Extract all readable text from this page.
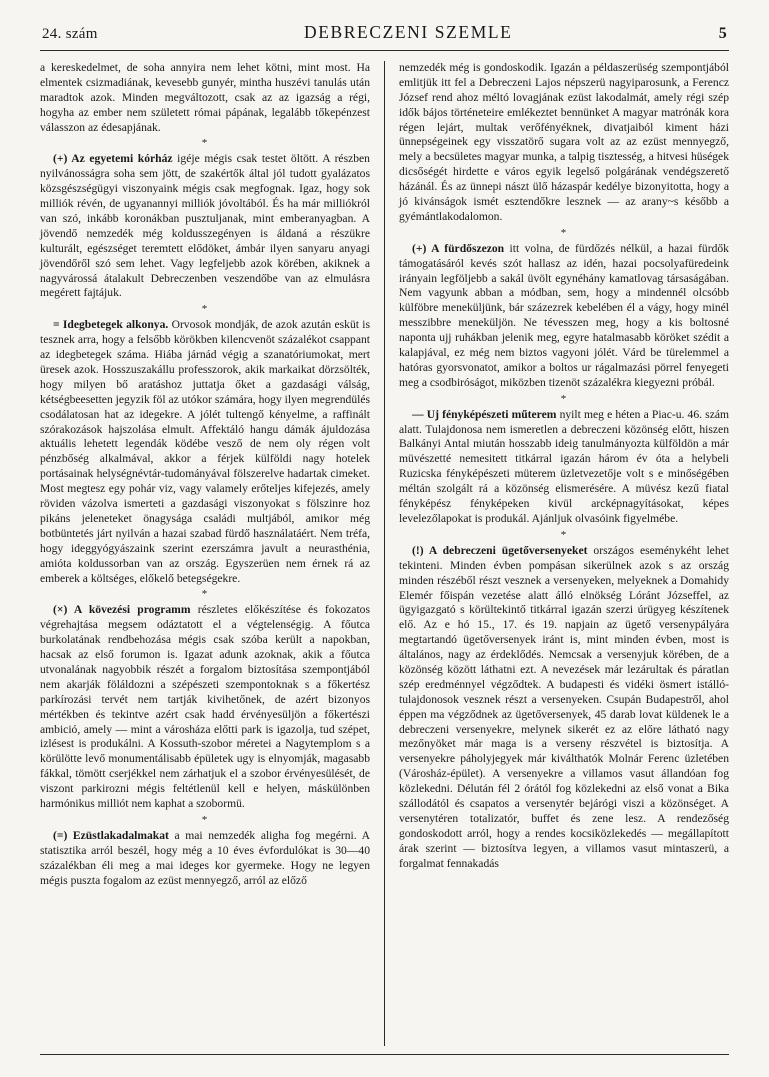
24. szám	DEBRECZENI SZEMLE	5

a kereskedelmet, de soha annyira nem lehet kötni, mint most. Ha elmentek csizmadiának, kevesebb gunyér, mintha huszévi tanulás után maradtok azok. Minden megváltozott, csak az az igazság a régi, hogyha az ember nem született római pápának, legalább tőkepénzest válasszon az édesapjának.

*

(+) Az egyetemi kórház igéje mégis csak testet öltött. A részben nyilvánosságra soha sem jött, de szakértők által jól tudott gyalázatos közsgészségügyi viszonyaink mégis csak megfognak. Igaz, hogy sok milliók révén, de ugyanannyi milliók jóvoltából. És ha már milliókról van szó, inkább koronákban pusztuljanak, mint emberanyagban. A jövendő nemzedék még koldusszegényen is áldaná a részükre kulturált, egészséget teremtett elődöket, ámbár ilyen sanyaru anyagi jövendőről szó sem lehet. Vagy legfeljebb azok körében, akiknek a nagyvárossá átalakult Debreczenben veszendőbe van az elmulásra megérett fajtájuk.

*

= Idegbetegek alkonya. Orvosok mondják, de azok azután esküt is tesznek arra, hogy a felsőbb körökben kilencvenöt százalékot csappant az idegbetegek száma. Hiába járnád végig a szanatóriumokat, mert üresek azok. Hosszuszakállu professzorok, akik markaikat dörzsölték, hogy milyen bő aratáshoz juttatja őket a gazdasági válság, kétségbeesetten jegyzik föl az utókor számára, hogy ilyen megrendülés csodálatosan hat az idegekre. A jólét tultengő kényelme, a raffinált szórakozások hajszolása elmult. Affektáló hangu dámák ájuldozása aktuális lehetett legendák ködébe vesző de nem oly régen volt pénzbőség alkalmával, akkor a férjek külföldi nagy hotelek portásainak helységnévtár-tudományával fölszerelve hadartak cimeket. Most megtesz egy pohár viz, vagy valamely erőteljes kifejezés, amely röviden vázolva ismerteti a gazdasági viszonyokat s fölszinre hoz pikáns jeleneteket önagysága családi multjából, amikor még botbüntetés járt nyilván a hazai szabad fürdő használatáért. Nem tréfa, hogy ideggyógyászaink szerint ezerszámra javult a neurasthénia, amióta koldussorban van az ország. Egyszerüen nem érnek rá az emberek a költséges, előkelő betegségekre.

*

(×) A kövezési programm részletes előkészítése és fokozatos végrehajtása megsem odáztatott el a végtelenségig. A főutca burkolatának rendbehozása mégis csak szóba került a napokban, hacsak az első forumon is. Igazat adunk azoknak, akik a főutca utvonalának nagyobbik részét a forgalom biztosítása szempontjából nem akarják föláldozni a szépészeti szempontoknak s a főkertész parkírozási tervét nem tartják kivihetőnek, de azért bizonyos mértékben és tekintve azért csak hadd érvényesüljön a főkertészi ambició, amely — mint a városháza előtti park is igazolja, tud szépet, izlésest is produkálni. A Kossuth-szobor méretei a Nagytemplom s a körülötte levő monumentálisabb épületek ugy is elnyomják, magasabb fákkal, tömött cserjékkel nem zárhatjuk el a szobor érvényesülését, de viszont parkirozni mégis feltétlenül kell e helyen, máskülönben harmónikus milliót nem kaphat a szobormü.

*

(=) Ezüstlakadalmakat a mai nemzedék aligha fog megérni. A statisztika arról beszél, hogy még a 10 éves évfordulókat is 30—40 százalékban éli meg a mai ideges kor gyermeke. Hogy ne legyen mégis puszta fogalom az ezüst mennyegző, arról az előző

nemzedék még is gondoskodik. Igazán a példaszerüség szempontjából emlitjük itt fel a Debreczeni Lajos népszerü nagyiparosunk, a Ferencz József rend ahoz méltó lovagjának ezüst lakodalmát, amely régi szép idők bájos történeteire emlékeztet bennünket A magyar matrónák kora régen lejárt, multak verőfényéknek, divatjaiból kiment házi ünnepségeinek egy visszatörő sugara volt az az ezüst mennyegző, mely a becsületes magyar munka, a talpig tisztesség, a hitvesi hüségek dicsőségét hirdette e város egyik legelső polgárának vendégszerető házánál. És az ünnepi nászt ülő házaspár kedélye bizonyitotta, hogy a jó kivánságok ismét esztendőkre lesznek — az arany~s később a gyémántlakodalomon.

*

(+) A fürdőszezon itt volna, de fürdőzés nélkül, a hazai fürdők támogatásáról kevés szót hallasz az idén, hazai pocsolyafüredeink irányain legföljebb a sakál üvölt egynéhány kamatlovag társaságában. Nem vagyunk abban a módban, sem, hogy a mindennél olcsóbb külföbre meneküljünk, bár százezrek kebelében él a vágy, hogy minél messzibbre meneküljön. Ne tévesszen meg, hogy a kis boltosné naponta ujj ruhákban jelenik meg, egyre hatalmasabb köröket szédit a kalapjával, ez még nem biztos vagyoni jólét. Várd be türelemmel a hatóras gyorsvonatot, amikor a boltos ur rágalmazási pörrel fenyegeti meg a csodbiróságot, miközben tizenöt százalékra kiegyezni próbál.

*

— Uj fényképészeti műterem nyilt meg e héten a Piac-u. 46. szám alatt. Tulajdonosa nem ismeretlen a debreczeni közönség előtt, hiszen Balkányi Antal miután hosszabb ideig tanulmányozta külföldön a már müvészetté nemesitett titkárral igazán három év óta a helybeli Ruzicska fényképészeti müterem üzletvezetője volt s e minőségében méltán szolgált rá a közönség elismerésére. A müvész kezű fiatal fényképész fényképeken kivül arcképnagyításokat, képes levelezőlapokat is produkál. Ajánljuk olvasóink figyelmébe.

*

(!) A debreczeni ügetőversenyeket országos eseménykéht lehet tekinteni. Minden évben pompásan sikerülnek azok s az ország minden részéből részt vesznek a versenyeken, melyeknek a Domahidy Elemér főispán vezetése alatt álló elnökség Lóránt Józseffel, az ügyigazgató s körültekintő titkárral igazán szerzi úrügyeg készítenek elő. Az e hó 15., 17. és 19. napjain az ügető versenypályára megtartandó ügetőversenyek iránt is, mint minden évben, most is általános, nagy az érdeklődés. Nemcsak a versenyjuk körében, de a közönség között láthatni ezt. A nevezések már lezárultak és páratlan szép eredménnyel végződtek. A budapesti és vidéki ösmert istálló-tulajdonosok vesznek részt a versenyeken. Csupán Budapestről, ahol éppen ma végződnek az ügetőversenyek, 45 darab lovat küldenek le a debreczeni versenyekre, melynek sikerét ez az előre látható nagy mezőnyöket már maga is a verseny részvétel is biztosítja. A versenyekre páholyjegyek már kiválthatók Molnár Ferenc üzletében (Városház-épület). A versenyekre a villamos vasut állandóan fog közlekedni. Délután fél 2 órától fog közlekedni az első vonat a Bika szállodától és csapatos a versenytér bejárógi viszi a közönséget. A versenytéren totalizatór, buffet és zene lesz. A rendezőség gondoskodott arról, hogy a rendes kocsiközlekedés — megállapított árak szerint — biztosítva legyen, a villamos vasut mintaszerü, a forgalmat fennakadás
